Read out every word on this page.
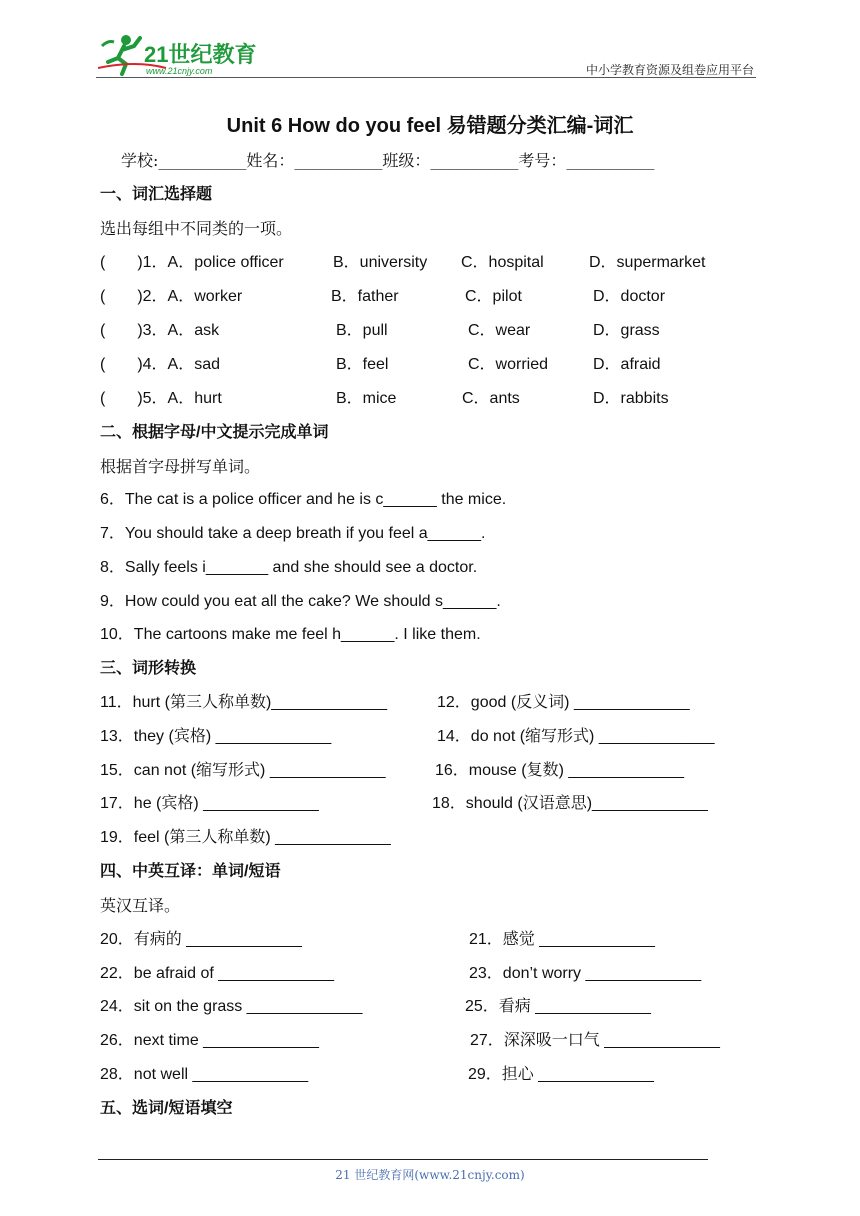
21世纪教育
www.21cnjy.com	中小学教育资源及组卷应用平台
Unit 6 How do you feel 易错题分类汇编-词汇
学校:___________姓名：___________班级：___________考号：___________
一、词汇选择题
选出每组中不同类的一项。
(　　)1．A．police officer	B．university C．hospital	D．supermarket
(　　)2．A．worker	B．father	C．pilot	D．doctor
(　　)3．A．ask	B．pull	C．wear	D．grass
(　　)4．A．sad	B．feel	C．worried	D．afraid
(　　)5．A．hurt	B．mice	C．ants	D．rabbits
二、根据字母/中文提示完成单词
根据首字母拼写单词。
6．The cat is a police officer and he is c______ the mice.
7．You should take a deep breath if you feel a______.
8．Sally feels i_______ and she should see a doctor.
9．How could you eat all the cake? We should s______.
10．The cartoons make me feel h______. I like them.
三、词形转换
11．hurt (第三人称单数)_____________	12．good (反义词) _____________
13．they (宾格) _____________	14．do not (缩写形式) _____________
15．can not (缩写形式) _____________	16．mouse (复数) _____________
17．he (宾格) _____________	18．should (汉语意思)_____________
19．feel (第三人称单数) _____________
四、中英互译：单词/短语
英汉互译。
20．有病的 _____________	21．感觉 _____________
22．be afraid of _____________	23．don’t worry _____________
24．sit on the grass _____________	25．看病 _____________
26．next time _____________	27．深深吸一口气 _____________
28．not well _____________	29．担心 _____________
五、选词/短语填空
21 世纪教育网(www.21cnjy.com)
